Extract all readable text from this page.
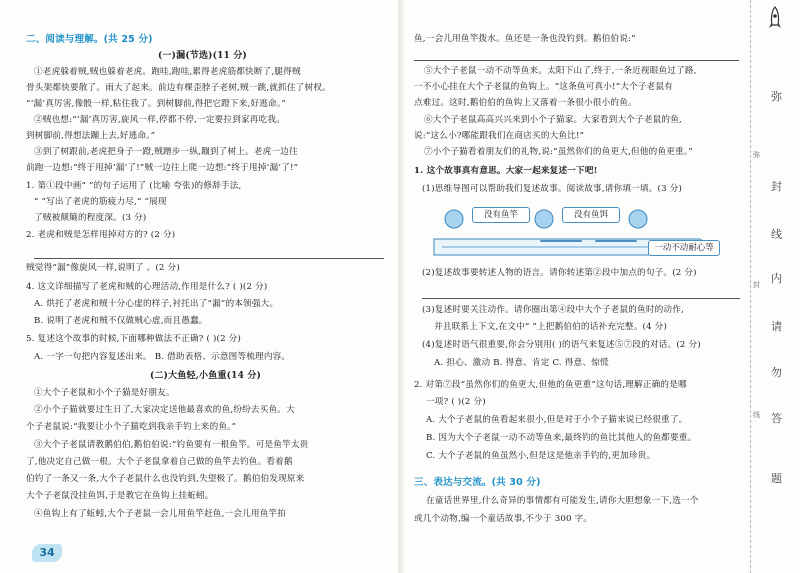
二、阅读与理解。(共 25 分)
(一)漏(节选)(11 分)
①老虎躲着贼,贼也躲着老虎。跑哇,跑哇,累得老虎筋都快断了,腿得贼
骨头架都快要散了。雨大了起来。前边有棵歪脖子老树,贼一跳,就抓住了树杈。
“‘漏’真厉害,像骰一样,粘住我了。到树脚前,得把它蹬下来,好逃命。”
②贼也想:“‘漏’真厉害,旋风一样,停都不停,一定要拉到家再吃我。
到树脚前,得想法蹦上去,好逃命。”
③到了树跟前,老虎把身子一蹬,贼蹭步一纵,蹦到了树上。老虎一边往
前跑一边想:“终于甩掉‘漏’了!”贼一边往上爬一边想:“终于甩掉‘漏’了!”
1. 第①段中画“ ”的句子运用了 (比喻 夸张)的修辞手法,
“ ”写出了老虎的筋疲力尽,“ ”展现
了贼被颠簸的程度深。(3 分)
2. 老虎和贼是怎样甩掉对方的? (2 分)
贼觉得“漏”像旋风一样,说明了 。(2 分)
4. 这文详细描写了老虎和贼的心理活动,作用是什么? ( )(2 分)
A. 烘托了老虎和贼十分心虚的样子,衬托出了“漏”的本领强大。
B. 说明了老虎和贼不仅做贼心虚,而且愚蠢。
5. 复述这个故事的时候,下面哪种做法不正确? ( )(2 分)
A. 一字一句把内容复述出来。 B. 借助表格、示意图等梳理内容。
(二)大鱼轻,小鱼重(14 分)
①大个子老鼠和小个子猫是好朋友。
②小个子猫就要过生日了,大家决定送他最喜欢的鱼,纷纷去买鱼。大
个子老鼠说:“我要让小个子猫吃到我亲手钓上来的鱼。”
③大个子老鼠请教鹅伯伯,鹅伯伯说:“钓鱼要有一根鱼竿。可是鱼竿太贵
了,他决定自己做一根。大个子老鼠拿着自己做的鱼竿去钓鱼。看着鹅
伯钓了一条又一条,大个子老鼠什么也没钓到,失望极了。鹅伯伯发现原来
大个子老鼠没挂鱼饵,于是教它在鱼钩上挂蚯蚓。
④鱼钩上有了蚯蚓,大个子老鼠一会儿用鱼竿赶鱼,一会儿用鱼竿拍
34
鱼,一会儿用鱼竿拨水。鱼还是一条也没钓到。鹅伯伯说:“
⑤大个子老鼠一动不动等鱼来。太阳下山了,终于,一条近视眼鱼过了路,
一不小心挂在大个子老鼠的鱼钩上。“这条鱼可真小!”大个子老鼠有
点难过。这时,鹅伯伯的鱼钩上又落着一条很小很小的鱼。
⑥大个子老鼠高高兴兴来到小个子猫家。大家看到大个子老鼠的鱼,
说:“这么小?哪能跟我们在商店买的大鱼比!”
⑦小个子猫看着朋友们的礼物,说:“虽然你们的鱼更大,但他的鱼更重。”
1. 这个故事真有意思。大家一起来复述一下吧!
(1)思维导图可以帮助我们复述故事。阅读故事,请你填一填。(3 分)
没有鱼竿	没有鱼饵
一动不动耐心等
(2)复述故事要转述人物的语言。请你转述第②段中加点的句子。(2 分)
(3)复述时要关注动作。请你圈出第④段中大个子老鼠的鱼时的动作,
并且联系上下文,在文中“ ”上把鹅伯伯的话补充完整。(4 分)
(4)复述时语气很重要,你会分别用( )的语气来复述⑤⑦段的对话。(2 分)
A. 担心、激动 B. 得意、肯定 C. 得意、惊慌
2. 对第⑦段“虽然你们的鱼更大,但他的鱼更重”这句话,理解正确的是哪
一项? ( )(2 分)
A. 大个子老鼠的鱼看起来很小,但是对于小个子猫来说已经很重了。
B. 因为大个子老鼠一动不动等鱼来,最终钓的鱼比其他人的鱼都要重。
C. 大个子老鼠的鱼虽然小,但是这是他亲手钓的,更加珍贵。
三、表达与交流。(共 30 分)
在童话世界里,什么奇异的事情都有可能发生,请你大胆想象一下,选一个
或几个动物,编一个童话故事,不少于 300 字。
弥
封
线
内
请
勿
答
题
弥
封
线
